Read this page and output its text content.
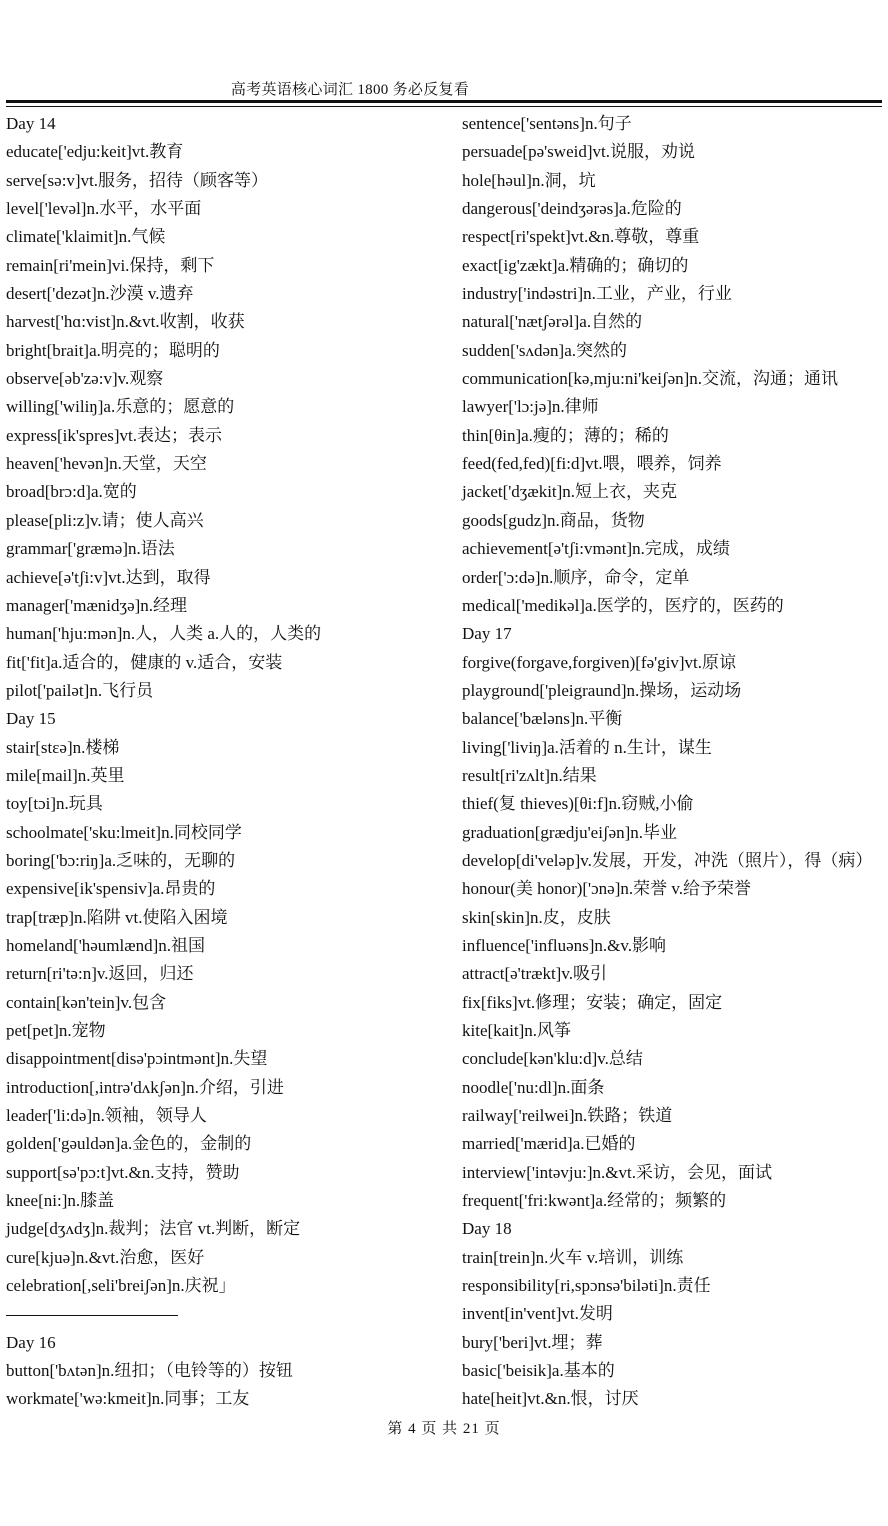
高考英语核心词汇 1800 务必反复看
Day 14
educate['edju:keit]vt.教育
serve[sə:v]vt.服务，招待（顾客等）
level['levəl]n.水平，水平面
climate['klaimit]n.气候
remain[ri'mein]vi.保持，剩下
desert['dezət]n.沙漠 v.遗弃
harvest['hɑ:vist]n.&vt.收割，收获
bright[brait]a.明亮的；聪明的
observe[əb'zə:v]v.观察
willing['wiliŋ]a.乐意的；愿意的
express[ik'spres]vt.表达；表示
heaven['hevən]n.天堂，天空
broad[brɔ:d]a.宽的
please[pli:z]v.请；使人高兴
grammar['græmə]n.语法
achieve[ə'tʃi:v]vt.达到，取得
manager['mænidʒə]n.经理
human['hju:mən]n.人，人类 a.人的，人类的
fit['fit]a.适合的，健康的 v.适合，安装
pilot['pailət]n.飞行员
Day 15
stair[stεə]n.楼梯
mile[mail]n.英里
toy[tɔi]n.玩具
schoolmate['sku:lmeit]n.同校同学
boring['bɔ:riŋ]a.乏味的，无聊的
expensive[ik'spensiv]a.昂贵的
trap[træp]n.陷阱 vt.使陷入困境
homeland['həumlænd]n.祖国
return[ri'tə:n]v.返回，归还
contain[kən'tein]v.包含
pet[pet]n.宠物
disappointment[disə'pɔintmənt]n.失望
introduction[,intrə'dʌkʃən]n.介绍，引进
leader['li:də]n.领袖，领导人
golden['gəuldən]a.金色的，金制的
support[sə'pɔ:t]vt.&n.支持，赞助
knee[ni:]n.膝盖
judge[dʒʌdʒ]n.裁判；法官 vt.判断，断定
cure[kjuə]n.&vt.治愈，医好
celebration[,seli'breiʃən]n.庆祝」
Day 16
button['bʌtən]n.纽扣；（电铃等的）按钮
workmate['wə:kmeit]n.同事；工友
sentence['sentəns]n.句子
persuade[pə'sweid]vt.说服，劝说
hole[həul]n.洞，坑
dangerous['deindʒərəs]a.危险的
respect[ri'spekt]vt.&n.尊敬，尊重
exact[ig'zækt]a.精确的；确切的
industry['indəstri]n.工业，产业，行业
natural['nætʃərəl]a.自然的
sudden['sʌdən]a.突然的
communication[kə,mju:ni'keiʃən]n.交流，沟通；通讯
lawyer['lɔ:jə]n.律师
thin[θin]a.瘦的；薄的；稀的
feed(fed,fed)[fi:d]vt.喂，喂养，饲养
jacket['dʒækit]n.短上衣，夹克
goods[gudz]n.商品，货物
achievement[ə'tʃi:vmənt]n.完成，成绩
order['ɔ:də]n.顺序，命令，定单
medical['medikəl]a.医学的，医疗的，医药的
Day 17
forgive(forgave,forgiven)[fə'giv]vt.原谅
playground['pleigraund]n.操场，运动场
balance['bæləns]n.平衡
living['liviŋ]a.活着的 n.生计，谋生
result[ri'zʌlt]n.结果
thief(复 thieves)[θi:f]n.窃贼,小偷
graduation[grædju'eiʃən]n.毕业
develop[di'veləp]v.发展，开发，冲洗（照片），得（病）
honour(美 honor)['ɔnə]n.荣誉 v.给予荣誉
skin[skin]n.皮，皮肤
influence['influəns]n.&v.影响
attract[ə'trækt]v.吸引
fix[fiks]vt.修理；安装；确定，固定
kite[kait]n.风筝
conclude[kən'klu:d]v.总结
noodle['nu:dl]n.面条
railway['reilwei]n.铁路；铁道
married['mærid]a.已婚的
interview['intəvju:]n.&vt.采访，会见，面试
frequent['fri:kwənt]a.经常的；频繁的
Day 18
train[trein]n.火车 v.培训，训练
responsibility[ri,spɔnsə'biləti]n.责任
invent[in'vent]vt.发明
bury['beri]vt.埋；葬
basic['beisik]a.基本的
hate[heit]vt.&n.恨，讨厌
第 4 页 共 21 页
